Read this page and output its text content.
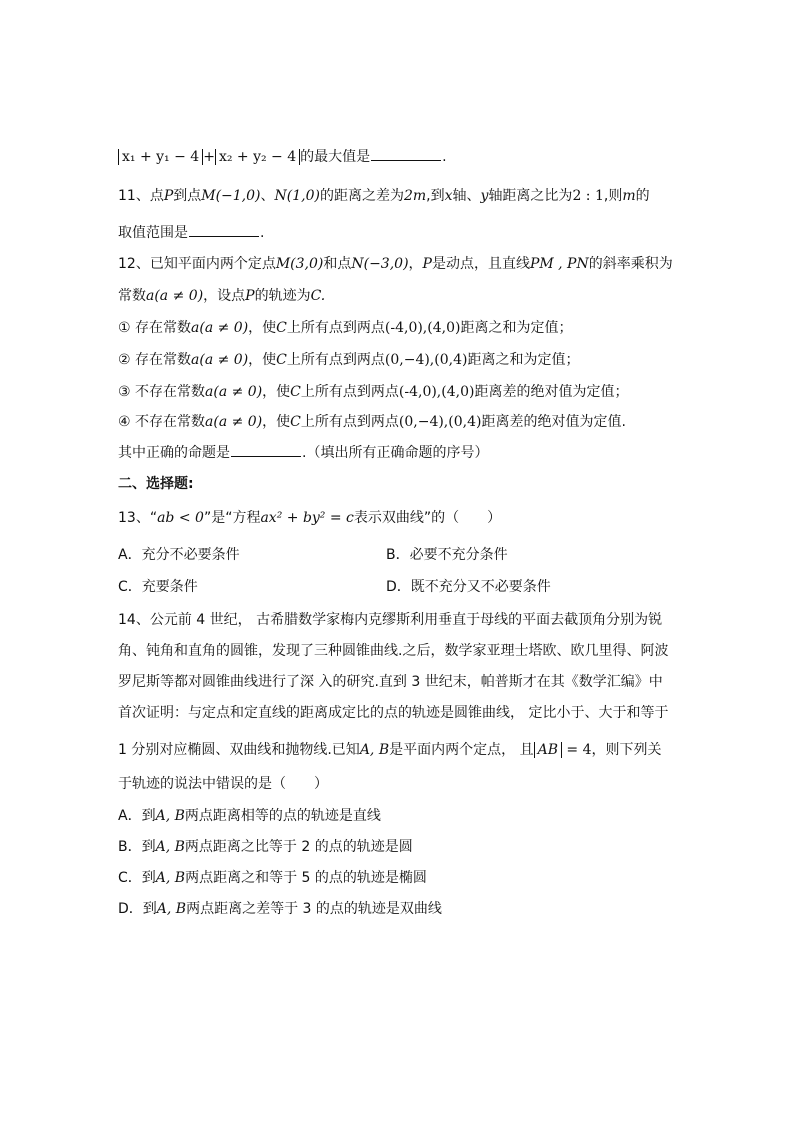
x₁ + y₁ − 4 + x₂ + y₂ − 4 的最大值是	.
11、点P到点M(−1,0)、N(1,0)的距离之差为2m,到x轴、y轴距离之比为2 : 1,则m的
取值范围是	.
12、已知平面内两个定点M(3,0)和点N(−3,0)，P是动点，且直线PM , PN的斜率乘积为
常数a(a ≠ 0)，设点P的轨迹为C.
① 存在常数a(a ≠ 0)，使C上所有点到两点(-4,0),(4,0)距离之和为定值；
② 存在常数a(a ≠ 0)，使C上所有点到两点(0,−4),(0,4)距离之和为定值；
③ 不存在常数a(a ≠ 0)，使C上所有点到两点(-4,0),(4,0)距离差的绝对值为定值；
④ 不存在常数a(a ≠ 0)，使C上所有点到两点(0,−4),(0,4)距离差的绝对值为定值.
其中正确的命题是	.（填出所有正确命题的序号）
二、选择题:
13、“ab < 0”是“方程ax² + by² = c表示双曲线”的（　　）
A．充分不必要条件	B．必要不充分条件
C．充要条件	D．既不充分又不必要条件
14、公元前 4 世纪， 古希腊数学家梅内克缪斯利用垂直于母线的平面去截顶角分别为锐
角、钝角和直角的圆锥，发现了三种圆锥曲线.之后，数学家亚理士塔欧、欧几里得、阿波
罗尼斯等都对圆锥曲线进行了深 入的研究.直到 3 世纪末，帕普斯才在其《数学汇编》中
首次证明：与定点和定直线的距离成定比的点的轨迹是圆锥曲线， 定比小于、大于和等于
1 分别对应椭圆、双曲线和抛物线.已知A, B是平面内两个定点， 且 AB = 4，则下列关
于轨迹的说法中错误的是（　　）
A．到A, B两点距离相等的点的轨迹是直线
B．到A, B两点距离之比等于 2 的点的轨迹是圆
C．到A, B两点距离之和等于 5 的点的轨迹是椭圆
D．到A, B两点距离之差等于 3 的点的轨迹是双曲线
